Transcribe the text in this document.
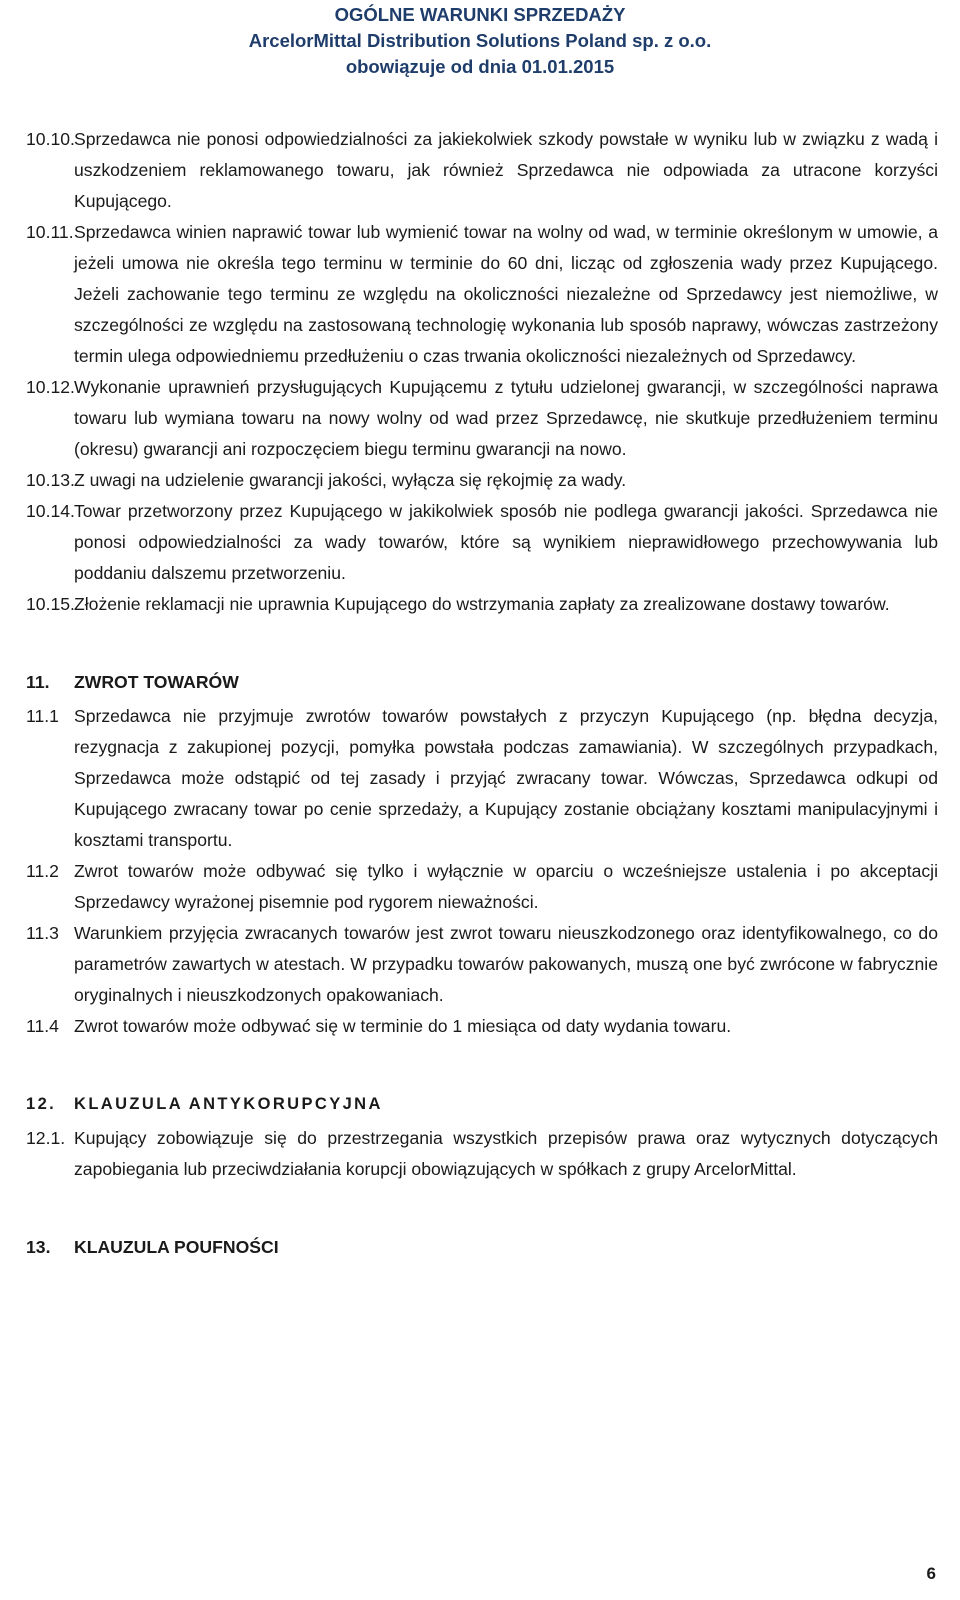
OGÓLNE WARUNKI SPRZEDAŻY
ArcelorMittal Distribution Solutions Poland sp. z o.o.
obowiązuje od dnia 01.01.2015
10.10. Sprzedawca nie ponosi odpowiedzialności za jakiekolwiek szkody powstałe w wyniku lub w związku z wadą i uszkodzeniem reklamowanego towaru, jak również Sprzedawca nie odpowiada za utracone korzyści Kupującego.
10.11. Sprzedawca winien naprawić towar lub wymienić towar na wolny od wad, w terminie określonym w umowie, a jeżeli umowa nie określa tego terminu w terminie do 60 dni, licząc od zgłoszenia wady przez Kupującego. Jeżeli zachowanie tego terminu ze względu na okoliczności niezależne od Sprzedawcy jest niemożliwe, w szczególności ze względu na zastosowaną technologię wykonania lub sposób naprawy, wówczas zastrzeżony termin ulega odpowiedniemu przedłużeniu o czas trwania okoliczności niezależnych od Sprzedawcy.
10.12. Wykonanie uprawnień przysługujących Kupującemu z tytułu udzielonej gwarancji, w szczególności naprawa towaru lub wymiana towaru na nowy wolny od wad przez Sprzedawcę, nie skutkuje przedłużeniem terminu (okresu) gwarancji ani rozpoczęciem biegu terminu gwarancji na nowo.
10.13. Z uwagi na udzielenie gwarancji jakości, wyłącza się rękojmię za wady.
10.14. Towar przetworzony przez Kupującego w jakikolwiek sposób nie podlega gwarancji jakości. Sprzedawca nie ponosi odpowiedzialności za wady towarów, które są wynikiem nieprawidłowego przechowywania lub poddaniu dalszemu przetworzeniu.
10.15. Złożenie reklamacji nie uprawnia Kupującego do wstrzymania zapłaty za zrealizowane dostawy towarów.
11.	ZWROT TOWARÓW
11.1 Sprzedawca nie przyjmuje zwrotów towarów powstałych z przyczyn Kupującego (np. błędna decyzja, rezygnacja z zakupionej pozycji, pomyłka powstała podczas zamawiania). W szczególnych przypadkach, Sprzedawca może odstąpić od tej zasady i przyjąć zwracany towar. Wówczas, Sprzedawca odkupi od Kupującego zwracany towar po cenie sprzedaży, a Kupujący zostanie obciążany kosztami manipulacyjnymi i kosztami transportu.
11.2 Zwrot towarów może odbywać się tylko i wyłącznie w oparciu o wcześniejsze ustalenia i po akceptacji Sprzedawcy wyrażonej pisemnie pod rygorem nieważności.
11.3 Warunkiem przyjęcia zwracanych towarów jest zwrot towaru nieuszkodzonego oraz identyfikowalnego, co do parametrów zawartych w atestach. W przypadku towarów pakowanych, muszą one być zwrócone w fabrycznie oryginalnych i nieuszkodzonych opakowaniach.
11.4 Zwrot towarów może odbywać się w terminie do 1 miesiąca od daty wydania towaru.
12.	KLAUZULA ANTYKORUPCYJNA
12.1. Kupujący zobowiązuje się do przestrzegania wszystkich przepisów prawa oraz wytycznych dotyczących zapobiegania lub przeciwdziałania korupcji obowiązujących w spółkach z grupy ArcelorMittal.
13.	KLAUZULA POUFNOŚCI
6
